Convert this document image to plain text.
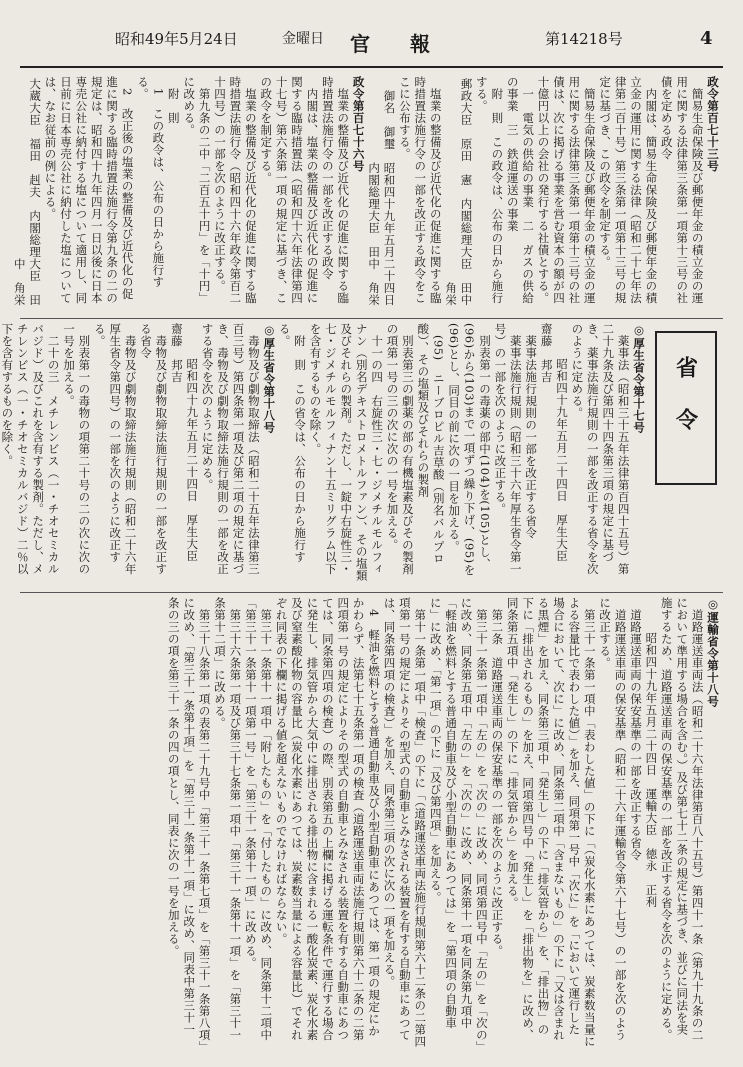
昭和49年5月24日	金曜日 官報	第14218号	4

政令第百七十三号

簡易生命保険及び郵便年金の積立金の運用に関する法律第三条第一項第十三号の社債を定める政令

内閣は、簡易生命保険及び郵便年金の積立金の運用に関する法律（昭和二十七年法律第二百十号）第三条第一項第十三号の規定に基づき、この政令を制定する。

簡易生命保険及び郵便年金の積立金の運用に関する法律第三条第一項第十三号の社債は、次に掲げる事業を営む資本の額が四十億円以上の会社の発行する社債とする。

一　電気の供給の事業　二　ガスの供給の事業　三　鉄道運送の事業

附　則　この政令は、公布の日から施行する。

郵政大臣　原田　憲　内閣総理大臣　田中　角栄

塩業の整備及び近代化の促進に関する臨時措置法施行令の一部を改正する政令をここに公布する。

御名　御璽　昭和四十九年五月二十四日　内閣総理大臣　田中　角栄

政令第百七十六号

塩業の整備及び近代化の促進に関する臨時措置法施行令の一部を改正する政令

内閣は、塩業の整備及び近代化の促進に関する臨時措置法（昭和四十六年法律第四十七号）第六条第一項の規定に基づき、この政令を制定する。

塩業の整備及び近代化の促進に関する臨時措置法施行令（昭和四十六年政令第百二十四号）の一部を次のように改正する。

第九条の二中「二百五十円」を「十円」に改める。

附　則

1　この政令は、公布の日から施行する。

2　改正後の塩業の整備及び近代化の促進に関する臨時措置法施行令第九条の二の規定は、昭和四十九年四月一日以後に日本専売公社に納付する塩について適用し、同日前に日本専売公社に納付した塩については、なお従前の例による。

大蔵大臣　福田　赳夫　内閣総理大臣　田中　角栄

省令

◎厚生省令第十七号

薬事法（昭和三十五年法律第百四十五号）第二十九条及び第四十四条第三項の規定に基づき、薬事法施行規則の一部を改正する省令を次のように定める。

昭和四十九年五月二十四日　厚生大臣　齋藤　邦吉

薬事法施行規則の一部を改正する省令

薬事法施行規則（昭和三十六年厚生省令第一号）の一部を次のように改正する。

別表第一の毒薬の部中(104)を(105)とし、(96)から(103)まで一項ずつ繰り下げ、(95)を(96)とし、同目の前に次の一目を加える。

(95)　ニーブロピル吉草酸（別名バルプロ酸）、その塩類及びそれらの製剤

別表第三の劇薬の部の有機塩素及びその製剤の項第一号の三の次に次の一号を加える。

十一の四　右旋性三・七・ジメチルモルフィナン（別名デキストロメトルファン）、その塩類及びそれらの製剤。ただし、一錠中右旋性三・七・ジメチルモルフィナン十五ミリグラム以下を含有するものを除く。

附　則　この省令は、公布の日から施行する。

◎厚生省令第十八号

毒物及び劇物取締法（昭和二十五年法律第三百三号）第四条第一項及び第二項の規定に基づき、毒物及び劇物取締法施行規則の一部を改正する省令を次のように定める。

昭和四十九年五月二十四日　厚生大臣　齋藤　邦吉

毒物及び劇物取締法施行規則の一部を改正する省令

毒物及び劇物取締法施行規則（昭和二十六年厚生省令第四号）の一部を次のように改正する。

別表第一の毒物の項第二十号の二の次に次の一号を加える。

二十の三　メチレンビス（一・チオセミカルバジド）及びこれを含有する製剤。ただし、メチレンビス（一・チオセミカルバジド）二％以下を含有するものを除く。

◎運輸省令第十八号

道路運送車両法（昭和二十六年法律第百八十五号）第四十一条（第九十九条の二において準用する場合を含む。）及び第七十二条の規定に基づき、並びに同法を実施するため、道路運送車両の保安基準の一部を改正する省令を次のように定める。

昭和四十九年五月二十四日　運輸大臣　徳永　正利

道路運送車両の保安基準の一部を改正する省令

道路運送車両の保安基準（昭和二十六年運輸省令第六十七号）の一部を次のように改正する。

第三十一条第一項中「表わした値」の下に「（炭化水素にあつては、炭素数当量による容量比で表わした値）」を加え、同項第一号中「次に」を「において運行した場合において、次に」に改め、同条第二項中「含まないもの」の下に「又は含まれる黒煙」を加え、同条第三項中「発生し」の下に「排気管から」を、「排出物」の下に「排出されるもの」を加え、同項第四号中「発生し」を「排出物を」に改め、同条第五項中「発生し」の下に「排気管から」を加える。

第二条　道路運送車両の保安基準の一部を次のように改正する。

第三十一条第一項中「左の」を「次の」に改め、同項第四号中「左の」を「次の」に改め、同条第五項中「左の」を「次の」に改め、同条第十一項を同条第九項中「軽油を燃料とする普通自動車及び小型自動車にあつては」を「第四項の自動車に」に改め、「第一項」の下に「及び第四項」を加える。

第十一条第一項中「検査」の下に「（道路運送車両法施行規則第六十二条の二第四項第一号の規定によりその型式の自動車とみなされる装置を有する自動車にあつては、同条第四項の検査）」を加え、同条第三項の次に次の一項を加える。

4　軽油を燃料とする普通自動車及び小型自動車にあつては、第一項の規定にかかわらず、法第七十五条第一項の検査（道路運送車両法施行規則第六十二条の二第四項第一号の規定によりその型式の自動車とみなされる装置を有する自動車にあつては、同条第四項の検査）の際、別表第五の上欄に掲げる運転条件で運行する場合に発生し、排気管から大気中に排出される排出物に含まれる一酸化炭素、炭化水素及び窒素酸化物の容量比（炭化水素にあつては、炭素数当量による容量比）でそれぞれ同表の下欄に掲げる値を超えないものでなければならない。

第三十一条第十一項中「附したもの」を「付したもの」に改め、同条第十二項中「第三十一条第十一項第一号」を「第三十一条第十一項」に改める。

第三十六条第一項及び第三十七条第一項中「第三十一条第十一項」を「第三十一条第十二項」に改める。

第三十八条第一項の表第二十九号中「第三十一条第七項」を「第三十一条第八項」に改め、「第三十一条第十項」を「第三十一条第十一項」に改め、同表中第三十一条の三の項を第三十一条の四の項とし、同表に次の一号を加える。
